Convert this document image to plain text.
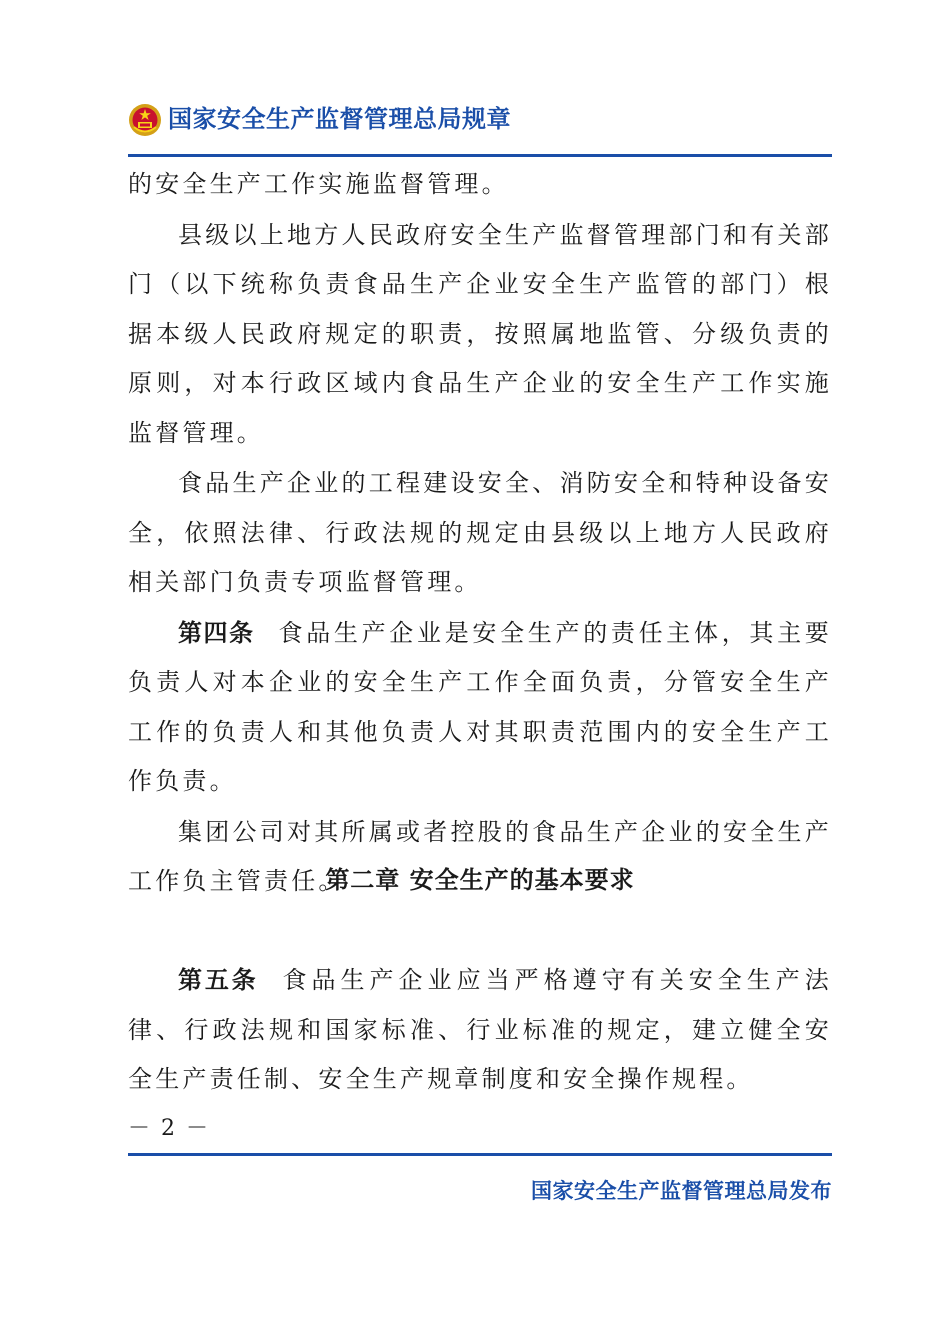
国家安全生产监督管理总局规章

的安全生产工作实施监督管理。

县级以上地方人民政府安全生产监督管理部门和有关部门（以下统称负责食品生产企业安全生产监管的部门）根据本级人民政府规定的职责，按照属地监管、分级负责的原则，对本行政区域内食品生产企业的安全生产工作实施监督管理。

食品生产企业的工程建设安全、消防安全和特种设备安全，依照法律、行政法规的规定由县级以上地方人民政府相关部门负责专项监督管理。

第四条 食品生产企业是安全生产的责任主体，其主要负责人对本企业的安全生产工作全面负责，分管安全生产工作的负责人和其他负责人对其职责范围内的安全生产工作负责。

集团公司对其所属或者控股的食品生产企业的安全生产工作负主管责任。

第二章 安全生产的基本要求

第五条 食品生产企业应当严格遵守有关安全生产法律、行政法规和国家标准、行业标准的规定，建立健全安全生产责任制、安全生产规章制度和安全操作规程。

－ 2 －
国家安全生产监督管理总局发布
